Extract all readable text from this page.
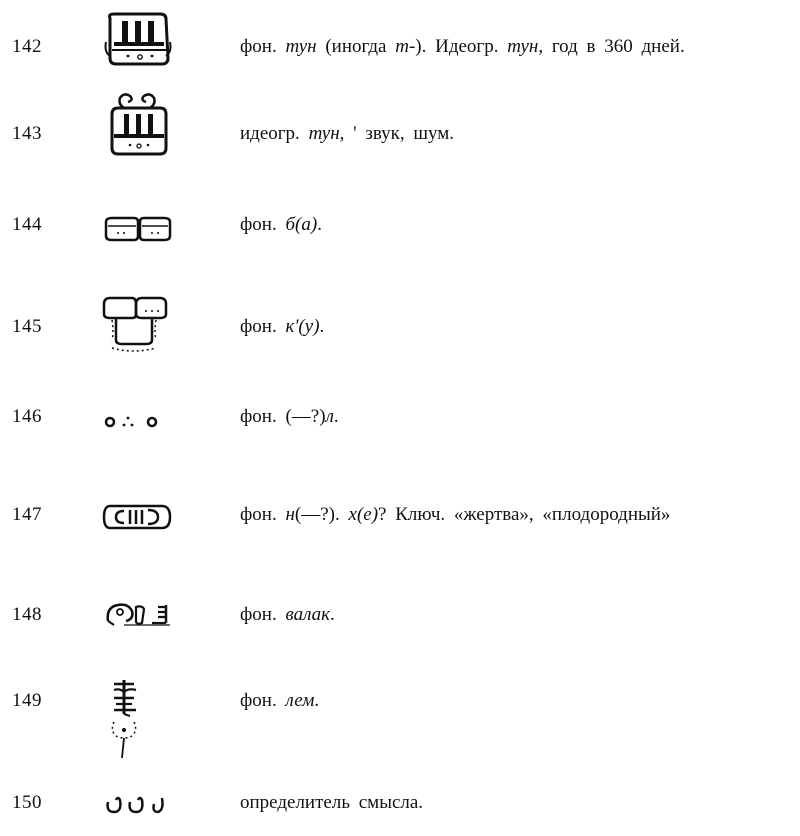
142	фон. тун (иногда т-). Идеогр. тун, год в 360 дней.
143	идеогр. тун, ' звук, шум.
144	фон. б(а).
145	фон. к'(у).
146	фон. (—?)л.
147	фон. н(—?). х(е)? Ключ. «жертва», «плодородный»
148	фон. валак.
149	фон. лем.
150	определитель смысла.
